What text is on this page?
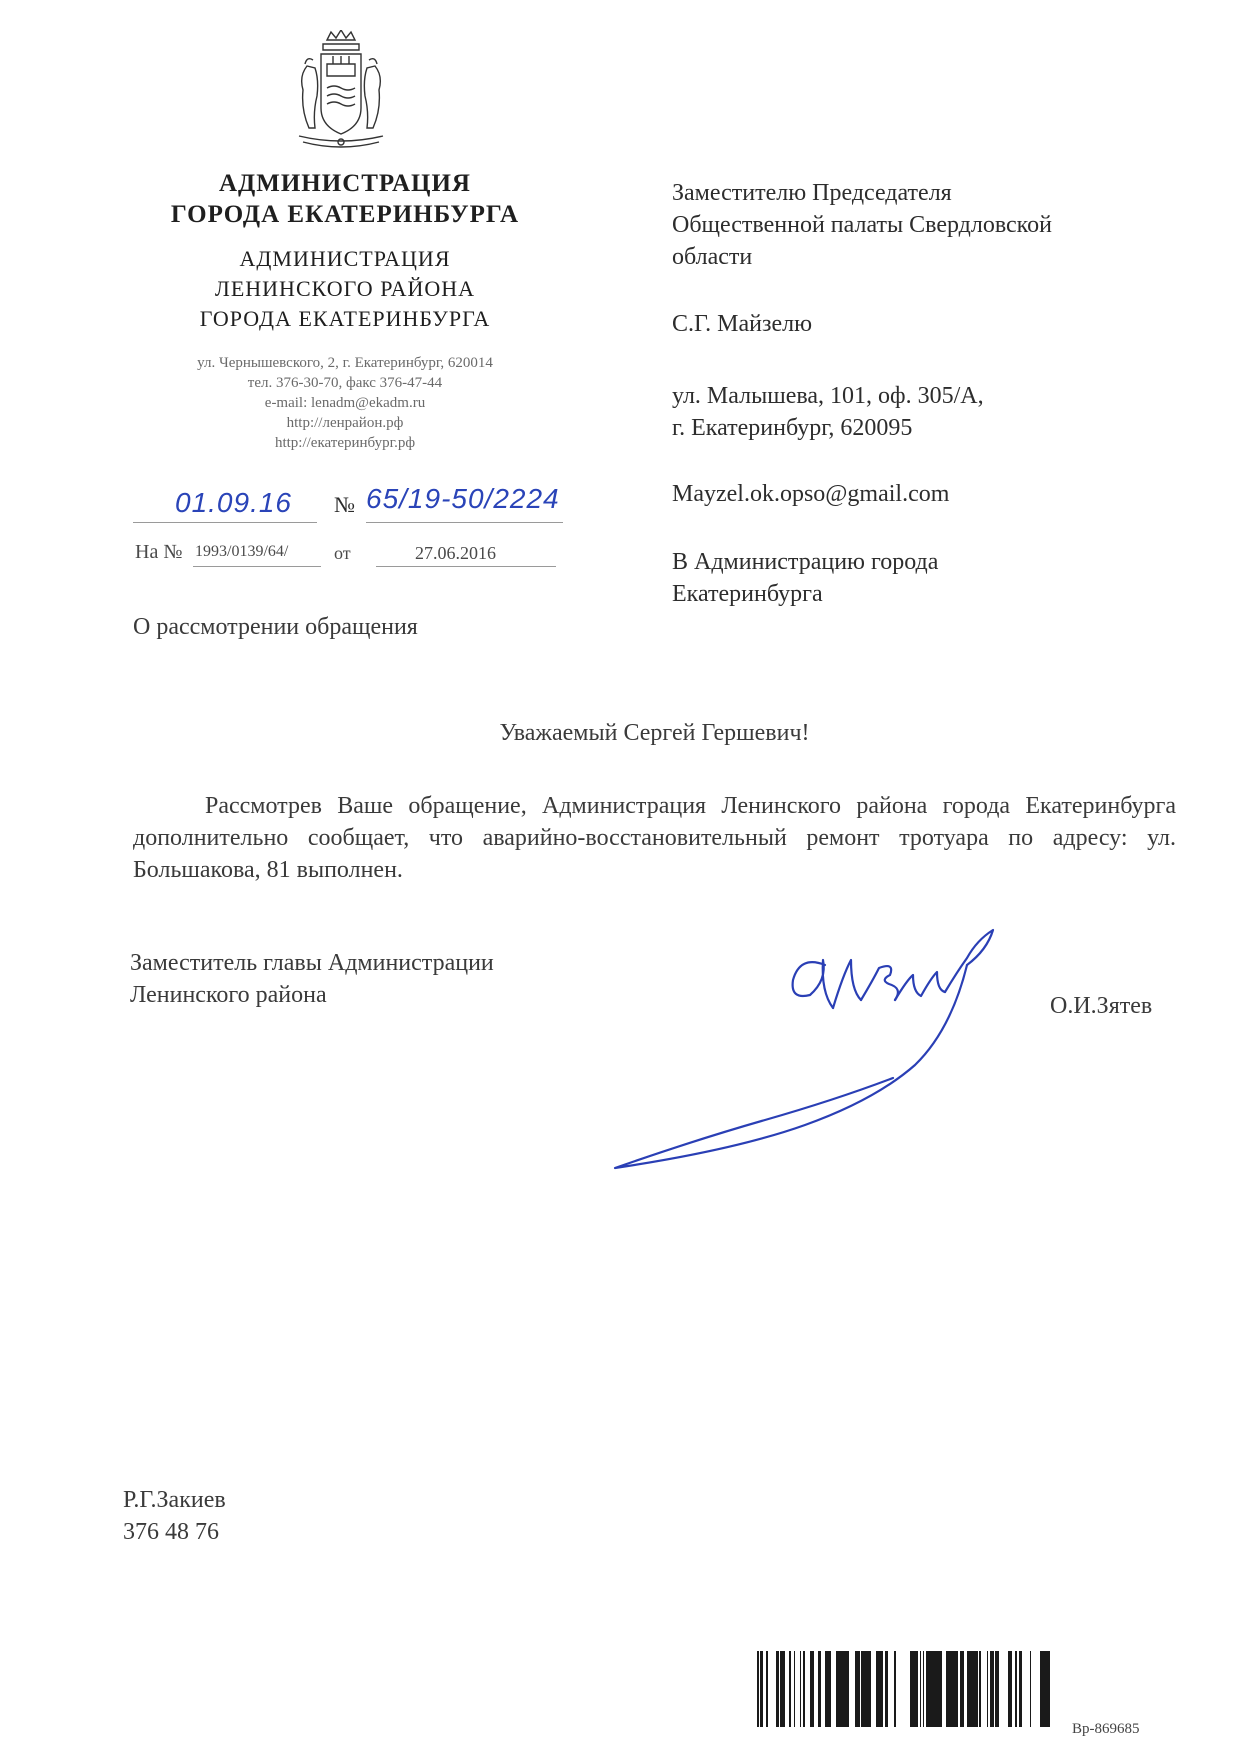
АДМИНИСТРАЦИЯ
ГОРОДА ЕКАТЕРИНБУРГА
АДМИНИСТРАЦИЯ
ЛЕНИНСКОГО РАЙОНА
ГОРОДА ЕКАТЕРИНБУРГА
ул. Чернышевского, 2, г. Екатеринбург, 620014
тел. 376-30-70, факс 376-47-44
e-mail: lenadm@ekadm.ru
http://ленрайон.рф
http://екатеринбург.рф
01.09.16 № 65/19-50/2224
На № 1993/0139/64/	от	27.06.2016
О рассмотрении обращения
Заместителю Председателя
Общественной палаты Свердловской
области
С.Г. Майзелю
ул. Малышева, 101, оф. 305/А,
г. Екатеринбург, 620095
Mayzel.ok.opso@gmail.com
В Администрацию города
Екатеринбурга
Уважаемый Сергей Гершевич!
Рассмотрев Ваше обращение, Администрация Ленинского района города Екатеринбурга дополнительно сообщает, что аварийно-восстановительный ремонт тротуара по адресу: ул. Большакова, 81 выполнен.
Заместитель главы Администрации
Ленинского района	О.И.Зятев
Р.Г.Закиев
376 48 76
Вр-869685
